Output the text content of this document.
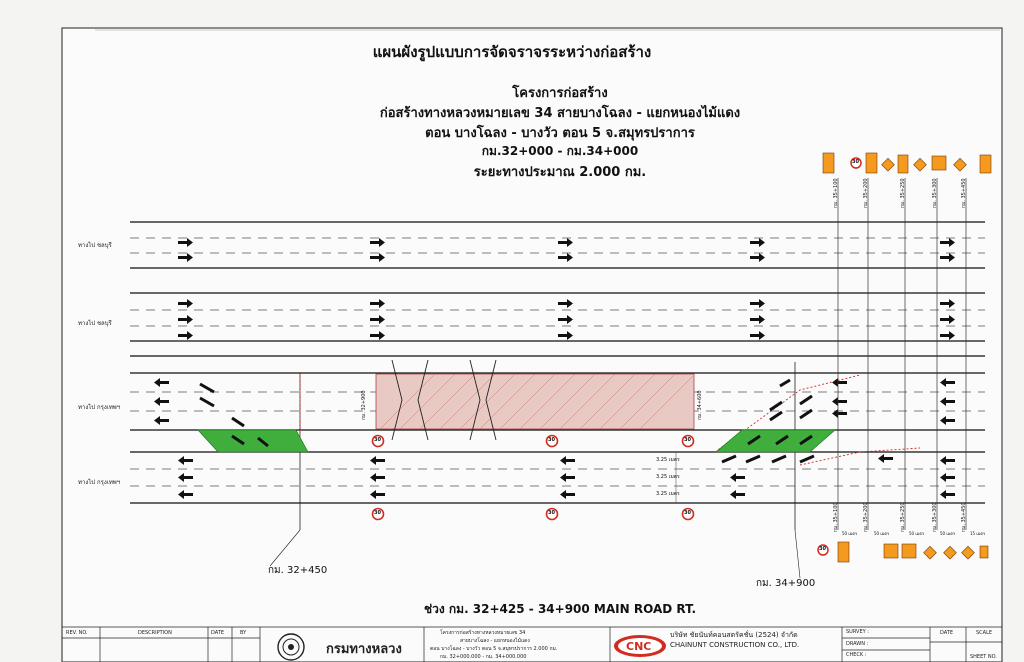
แผนผังรูปแบบการจัดจราจรระหว่างก่อสร้าง
โครงการก่อสร้าง
ก่อสร้างทางหลวงหมายเลข 34 สายบางโฉลง - แยกหนองไม้แดง
ตอน บางโฉลง - บางวัว ตอน 5 จ.สมุทรปราการ
กม.32+000 - กม.34+000
ระยะทางประมาณ 2.000 กม.
ทางไป ชลบุรี
ทางไป ชลบุรี
ทางไป กรุงเทพฯ
ทางไป กรุงเทพฯ
กม. 32+450
กม. 34+900
กม. 32+900	กม. 34+600
กม. 35+100	กม. 35+200	กม. 35+250	กม. 35+300	กม. 35+450
กม. 35+100	กม. 35+200	กม. 35+250	กม. 35+300	กม. 35+450
50 เมตร	50 เมตร	50 เมตร	50 เมตร	15 เมตร
3.25 เมตร
3.25 เมตร
3.25 เมตร
30	30	30
30	30	30
30
30
ช่วง กม. 32+425 - 34+900 MAIN ROAD RT.
REV. NO.	DESCRIPTION	DATE	BY
กรมทางหลวง
โครงการก่อสร้างทางหลวงหมายเลข 34
สายบางโฉลง - แยกหนองไม้แดง
ตอน บางโฉลง - บางวัว ตอน 5 จ.สมุทรปราการ 2.000 กม.
กม. 32+000.000 - กม. 34+000.000
CNC
บริษัท ชัยนันท์คอนสตรัคชั่น (2524) จำกัด
CHAINUNT CONSTRUCTION CO., LTD.
SURVEY :
DRAWN :
CHECK :
DATE	SCALE
SHEET NO.
